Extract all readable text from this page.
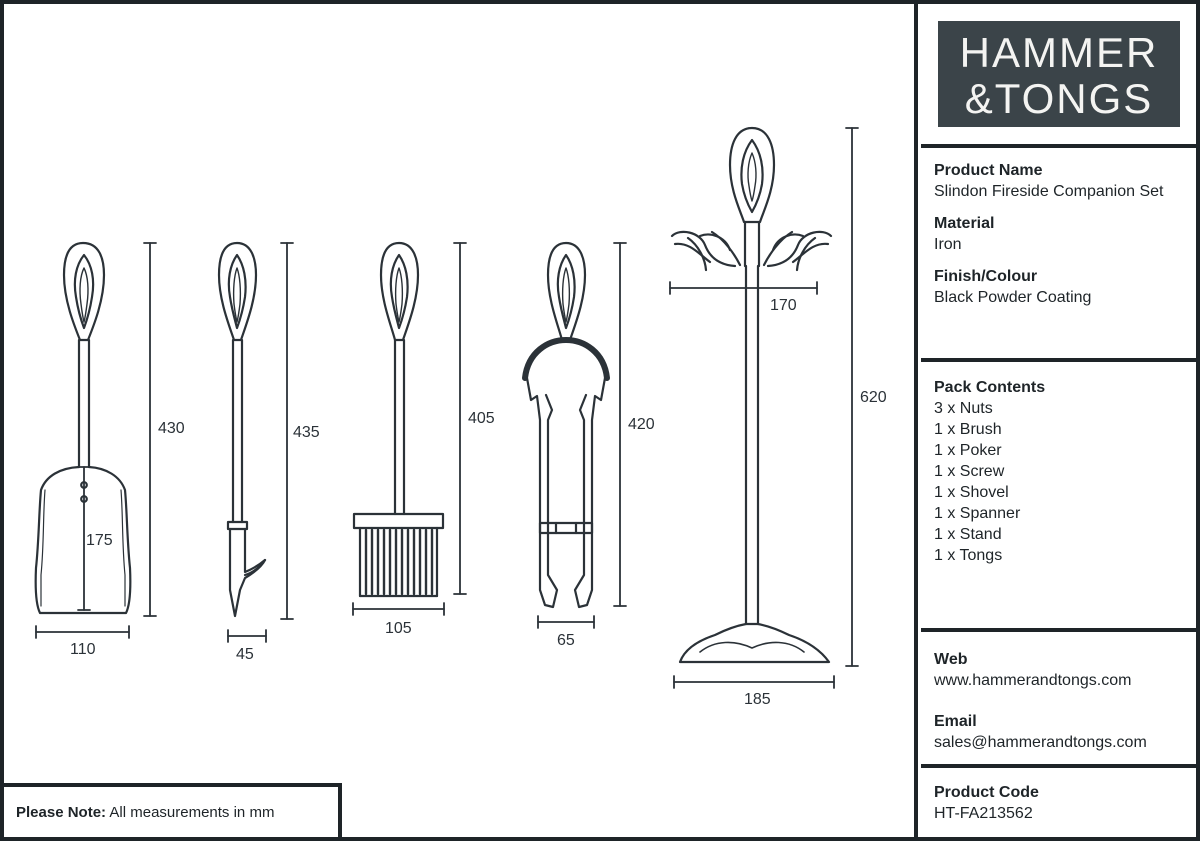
430
110
175
435
45
405
105
420
65
620
170
185
Please Note: All measurements in mm
HAMMER
&TONGS
Product Name
Slindon Fireside Companion Set
Material
Iron
Finish/Colour
Black Powder Coating
Pack Contents
3 x Nuts
1 x Brush
1 x Poker
1 x Screw
1 x Shovel
1 x Spanner
1 x Stand
1 x Tongs
Web
www.hammerandtongs.com
Email
sales@hammerandtongs.com
Product Code
HT-FA213562
